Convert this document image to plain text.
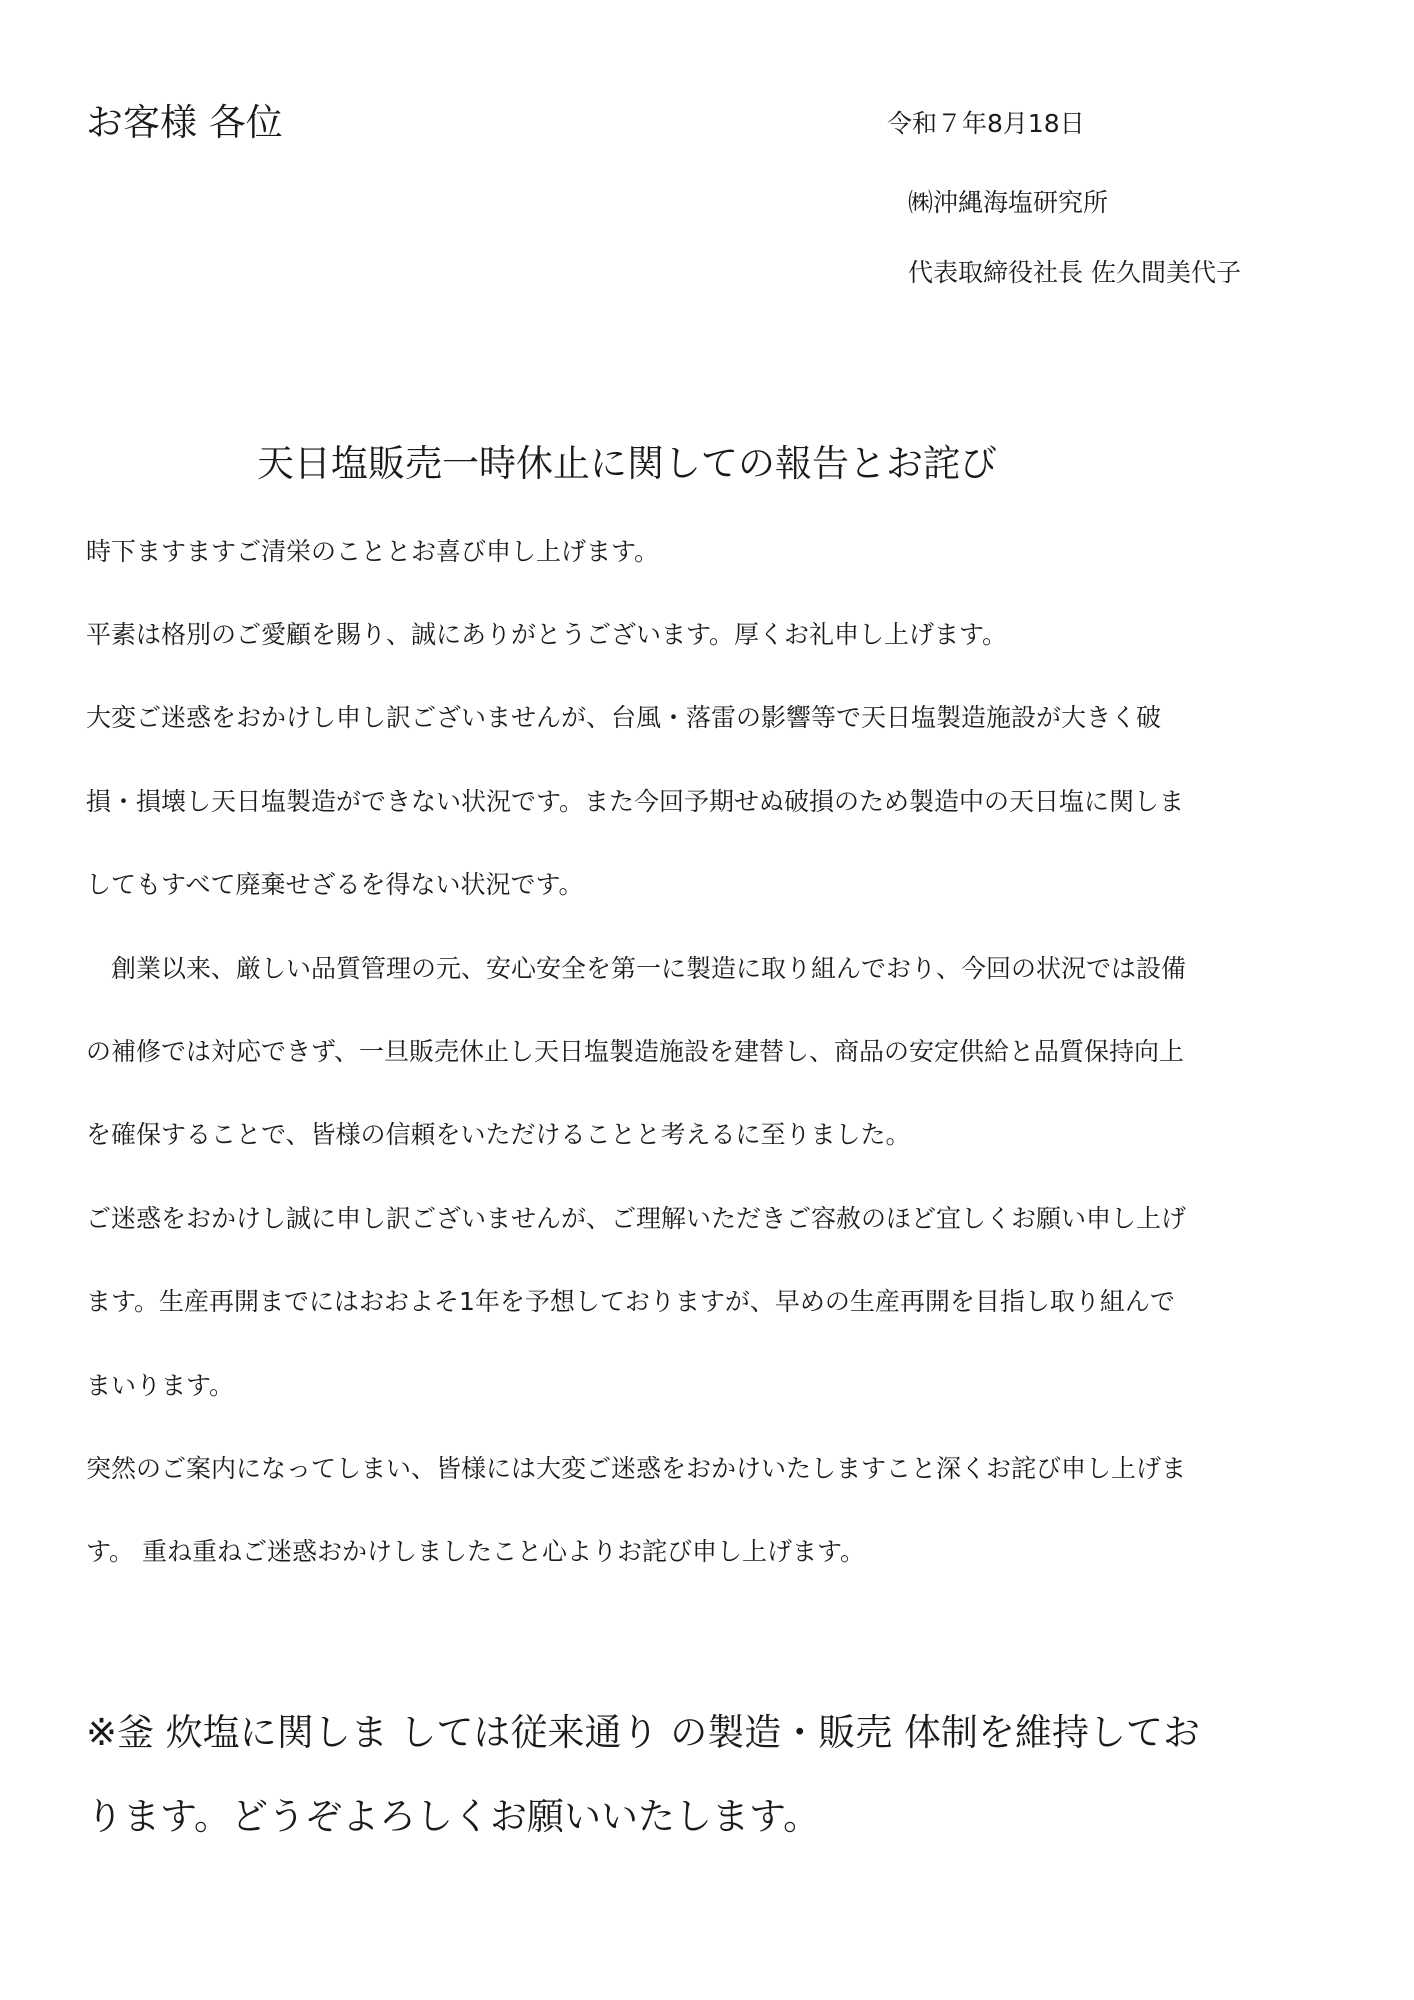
お客様 各位	令和７年8月18日

㈱沖縄海塩研究所

代表取締役社長 佐久間美代子

天日塩販売一時休止に関しての報告とお詫び

時下ますますご清栄のこととお喜び申し上げます。

平素は格別のご愛顧を賜り、誠にありがとうございます。厚くお礼申し上げます。

大変ご迷惑をおかけし申し訳ございませんが、台風・落雷の影響等で天日塩製造施設が大きく破

損・損壊し天日塩製造ができない状況です。また今回予期せぬ破損のため製造中の天日塩に関しま

してもすべて廃棄せざるを得ない状況です。

　創業以来、厳しい品質管理の元、安心安全を第一に製造に取り組んでおり、今回の状況では設備

の補修では対応できず、一旦販売休止し天日塩製造施設を建替し、商品の安定供給と品質保持向上

を確保することで、皆様の信頼をいただけることと考えるに至りました。

ご迷惑をおかけし誠に申し訳ございませんが、ご理解いただきご容赦のほど宜しくお願い申し上げ

ます。生産再開までにはおおよそ1年を予想しておりますが、早めの生産再開を目指し取り組んで

まいります。

突然のご案内になってしまい、皆様には大変ご迷惑をおかけいたしますこと深くお詫び申し上げま

す。 重ね重ねご迷惑おかけしましたこと心よりお詫び申し上げます。

※釜 炊塩に関しま しては従来通り の製造・販売 体制を維持してお

ります。どうぞよろしくお願いいたします。
